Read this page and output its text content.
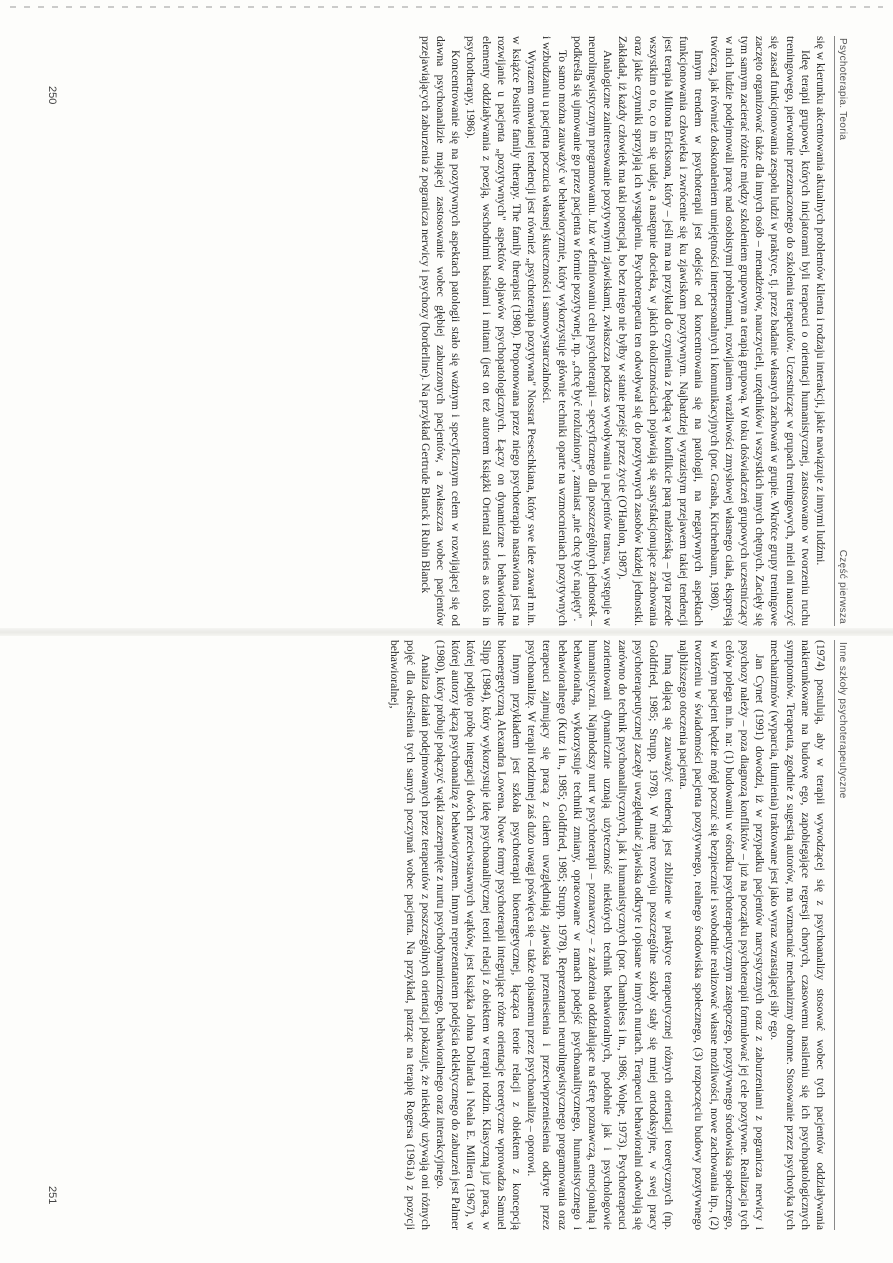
Psychoterapia. Teoria
Część pierwsza

się w kierunku akcentowania aktualnych problemów klienta i rodzaju interakcji, jakie nawiązuje z innymi ludźmi.

Ideę terapii grupowej, których inicjatorami byli terapeuci o orientacji humanistycznej, zastosowano w tworzeniu ruchu treningowego, pierwotnie przeznaczonego do szkolenia terapeutów. Uczestnicząc w grupach treningowych, mieli oni nauczyć się zasad funkcjonowania zespołu ludzi w praktyce, tj. przez badanie własnych zachowań w grupie. Wkrótce grupy treningowe zaczęto organizować także dla innych osób – menadżerów, nauczycieli, urzędników i wszystkich innych chętnych. Zacięły się tym samym zacierać różnice między szkoleniem grupowym a terapią grupową. W toku doświadczeń grupowych uczestniczący w nich ludzie podejmowali pracę nad osobistymi problemami, rozwijaniem wrażliwości zmysłowej własnego ciała, ekspresją twórczą, jak również doskonaleniem umiejętności interpersonalnych i komunikacyjnych (por. Grasha, Kirchenbaum, 1980).

Innym trendem w psychoterapii jest odejście od koncentrowania się na patologii, na negatywnych aspektach funkcjonowania człowieka i zwrócenie się ku zjawiskom pozytywnym. Najbardziej wyrazistym przejawem takiej tendencji jest terapia Miltona Ericksona, który – jeśli ma na przykład do czynienia z będącą w konflikcie parą małżeńską – pyta przede wszystkim o to, co im się udaje, a następnie docieka, w jakich okolicznościach pojawiają się satysfakcjonujące zachowania oraz jakie czynniki sprzyjają ich wystąpieniu. Psychoterapeuta ten odwoływał się do pozytywnych zasobów każdej jednostki. Zakładał, iż każdy człowiek ma taki potencjał, bo bez niego nie byłby w stanie przejść przez życie (O'Hanlon, 1987).

Analogiczne zainteresowanie pozytywnymi zjawiskami, zwłaszcza podczas wywoływania u pacjentów transu, występuje w neurolingwistycznym programowaniu. Już w definiowaniu celu psychoterapii – specyficznego dla poszczególnych jednostek – podkreśla się ujmowanie go przez pacjenta w formie pozytywnej, np. „chcę być rozluźniony", zamiast „nie chcę być napięty".

To samo można zauważyć w behawioryzmie, który wykorzystuje głównie techniki oparte na wzmocnieniach pozytywnych i wzbudzaniu u pacjenta poczucia własnej skuteczności i samowystarczalności.

Wyrazem omawianej tendencji jest również „psychoterapia pozytywna" Nossrat Peseschkiana, który swe idee zawarł m.in. w książce Positive family therapy. The family therapist (1980). Proponowana przez niego psychoterapia nastawiona jest na rozwijanie u pacjenta „pozytywnych" aspektów objawów psychopatologicznych. Łączy on dynamiczne i behawioralne elementy oddziaływania z poezją, wschodnimi baśniami i mitami (jest on też autorem książki Oriental stories as tools in psychotherapy, 1986).

Koncentrowanie się na pozytywnych aspektach patologii stało się ważnym i specyficznym celem w rozwijającej się od dawna psychoanalizie mającej zastosowanie wobec głębiej zaburzonych pacjentów, a zwłaszcza wobec pacjentów przejawiających zaburzenia z pogranicza nerwicy i psychozy (borderline). Na przykład Gertrude Blanck i Rubin Blanck

250
Inne szkoły psychoterapeutyczne

(1974) postulują, aby w terapii wywodzącej się z psychoanalizy stosować wobec tych pacjentów oddziaływania nakierunkowane na budowę ego, zapobiegające regresji chorych, czasowemu nasileniu się ich psychopatologicznych symptomów. Terapeuta, zgodnie z sugestią autorów, ma wzmacniać mechanizmy obronne. Stosowanie przez psychotyka tych mechanizmów (wyparcia, tłumienia) traktowane jest jako wyraz wzrastającej siły ego.

Jan Cynet (1991) dowodzi, iż w przypadku pacjentów narcystycznych oraz z zaburzeniami z pogranicza nerwicy i psychozy należy – poza diagnozą konfliktów – już na początku psychoterapii formułować jej cele pozytywne. Realizacja tych celów polega m.in. na: (1) budowaniu w ośrodku psychoterapeutycznym zastępczego, pozytywnego środowiska społecznego, w którym pacjent będzie mógł poczuć się bezpiecznie i swobodnie realizować własne możliwości, nowe zachowania itp., (2) tworzeniu w świadomości pacjenta pozytywnego, realnego środowiska społecznego, (3) rozpoczęciu budowy pozytywnego najbliższego otoczenia pacjenta.

Inną dającą się zauważyć tendencją jest zbliżenie w praktyce terapeutycznej różnych orientacji teoretycznych (np. Goldfried, 1985; Strupp, 1978). W miarę rozwoju poszczególne szkoły stały się mniej ortodoksyjne, w swej pracy psychoterapeutycznej zaczęły uwzględniać zjawiska odkryte i opisane w innych nurtach. Terapeuci behawioralni odwołują się zarówno do technik psychoanalitycznych, jak i humanistycznych (por. Chambless i in., 1986; Wolpe, 1973). Psychoterapeuci zorientowani dynamicznie uznają użyteczność niektórych technik behawioralnych, podobnie jak i psychologowie humanistyczni. Najmłodszy nurt w psychoterapii – poznawczy – z założenia oddziałujące na sferę poznawczą, emocjonalną i behawioralną, wykorzystuje techniki zmiany, opracowane w ramach podejść psychoanalitycznego, humanistycznego i behawioralnego (Kutz i in., 1985; Goldfried, 1985; Strupp, 1978). Reprezentanci neurolingwistycznego programowania oraz terapeuci zajmujący się pracą z ciałem uwzględniają zjawiska przeniesienia i przeciwprzeniesienia odkryte przez psychoanalizę. W terapii rodzinnej zaś dużo uwagi poświęca się – także opisanemu przez psychoanalizę – oporowi.

Innym przykładem jest szkoła psychoterapii bioenergetycznej, łącząca teorie relacji z obiektem z koncepcją bioenergetyczną Alexandra Lowena. Nowe formy psychoterapii integrujące różne orientacje teoretyczne wprowadza Samuel Slipp (1984), który wykorzystuje ideę psychoanalitycznej teorii relacji z obiektem w terapii rodzin. Klasyczną już pracą, w której podjęto próbę integracji dwóch przeciwstawnych wątków, jest książka Johna Dollarda i Neala E. Millera (1967), w której autorzy łączą psychoanalizę z behawioryzmem. Innym reprezentantem podejścia eklektycznego do zaburzeń jest Palmer (1980), który próbuje połączyć wątki zaczerpnięte z nurtu psychodynamicznego, behawioralnego oraz interakcyjnego.

Analiza działań podejmowanych przez terapeutów z poszczególnych orientacji pokazuje, że niekiedy używają oni różnych pojęć dla określenia tych samych poczynań wobec pacjenta. Na przykład, patrząc na terapię Rogersa (1961a) z pozycji behawioralnej,

251
